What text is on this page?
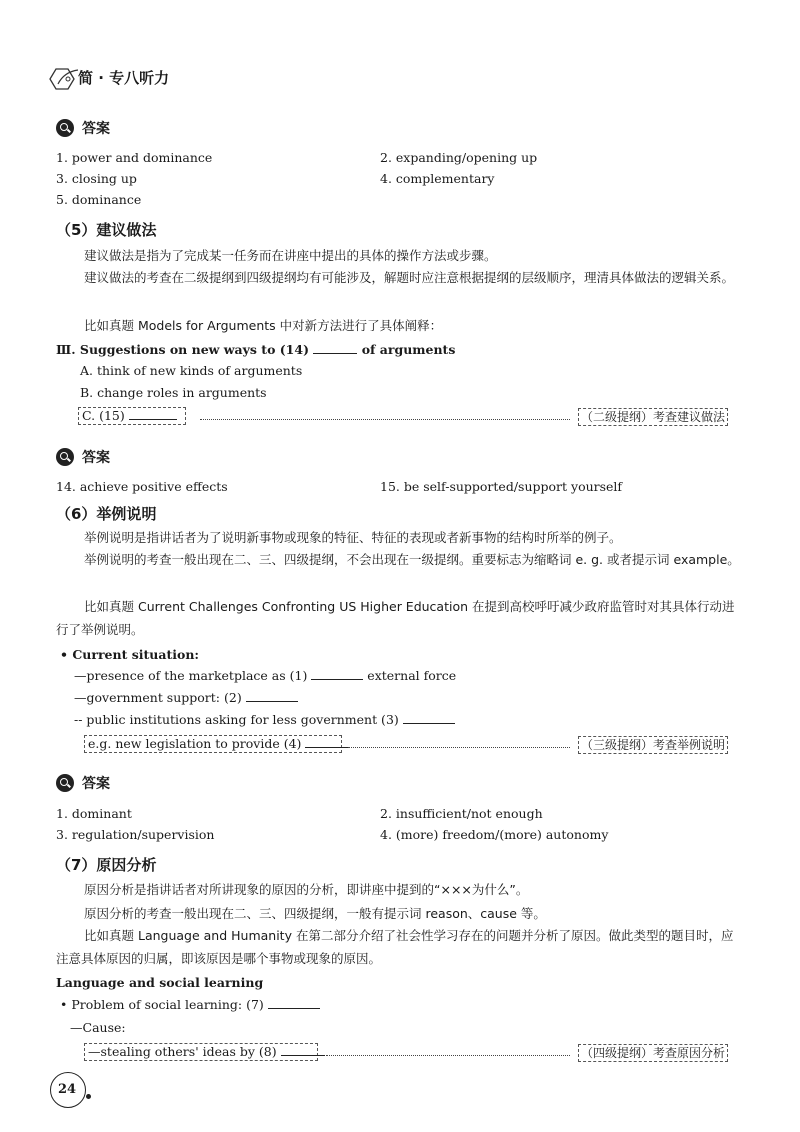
简 · 专八听力
答案
1. power and dominance	2. expanding/opening up
3. closing up	4. complementary
5. dominance
（5）建议做法
建议做法是指为了完成某一任务而在讲座中提出的具体的操作方法或步骤。
建议做法的考查在二级提纲到四级提纲均有可能涉及，解题时应注意根据提纲的层级顺序，理清具体做法的逻辑关系。
比如真题 Models for Arguments 中对新方法进行了具体阐释：
Ⅲ. Suggestions on new ways to (14)	of arguments
A. think of new kinds of arguments
B. change roles in arguments
C. (15)	（二级提纲）考查建议做法
答案
14. achieve positive effects	15. be self-supported/support yourself
（6）举例说明
举例说明是指讲话者为了说明新事物或现象的特征、特征的表现或者新事物的结构时所举的例子。
举例说明的考查一般出现在二、三、四级提纲，不会出现在一级提纲。重要标志为缩略词 e. g. 或者提示词 example。
比如真题 Current Challenges Confronting US Higher Education 在提到高校呼吁减少政府监管时对其具体行动进行了举例说明。
• Current situation:
—presence of the marketplace as (1)	external force
—government support: (2)
-- public institutions asking for less government (3)
e.g. new legislation to provide (4)	（三级提纲）考查举例说明
答案
1. dominant	2. insufficient/not enough
3. regulation/supervision	4. (more) freedom/(more) autonomy
（7）原因分析
原因分析是指讲话者对所讲现象的原因的分析，即讲座中提到的“×××为什么”。
原因分析的考查一般出现在二、三、四级提纲，一般有提示词 reason、cause 等。
比如真题 Language and Humanity 在第二部分介绍了社会性学习存在的问题并分析了原因。做此类型的题目时，应注意具体原因的归属，即该原因是哪个事物或现象的原因。
Language and social learning
• Problem of social learning: (7)
—Cause:
—stealing others' ideas by (8)	（四级提纲）考查原因分析
24
